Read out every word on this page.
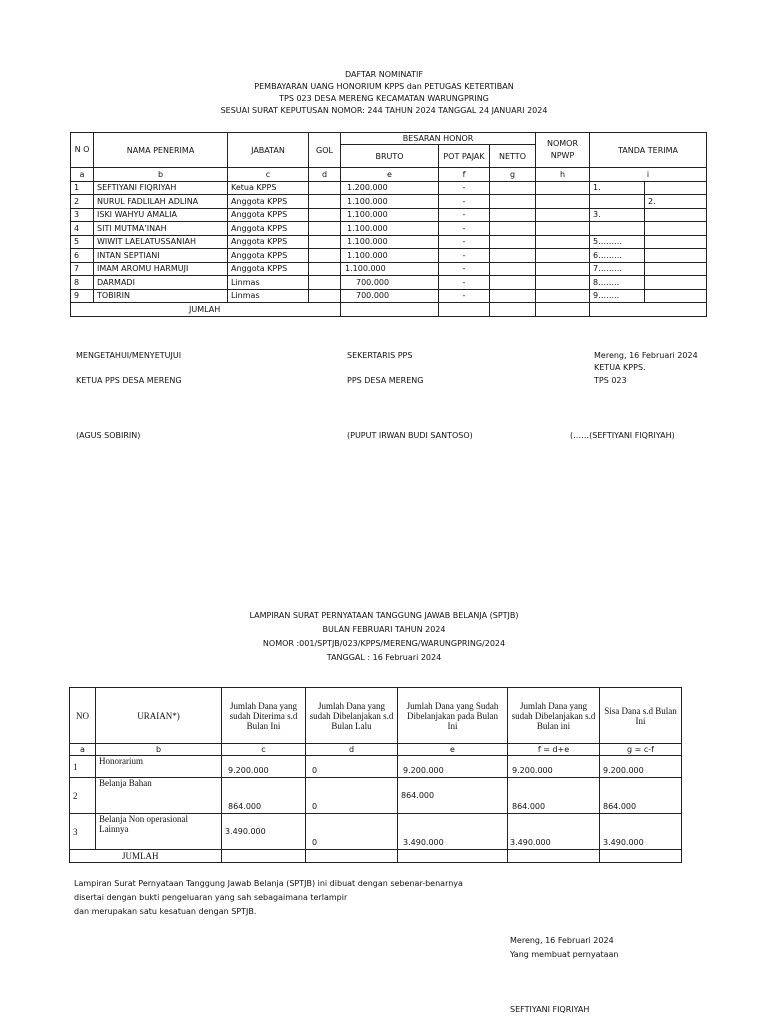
DAFTAR NOMINATIF
PEMBAYARAN UANG HONORIUM KPPS dan PETUGAS KETERTIBAN
TPS 023 DESA MERENG KECAMATAN WARUNGPRING
SESUAI SURAT KEPUTUSAN NOMOR: 244 TAHUN 2024 TANGGAL 24 JANUARI 2024
N O	NAMA PENERIMA	JABATAN	GOL	BESARAN HONOR			NOMOR NPWP	TANDA TERIMA	
				BRUTO	POT PAJAK	NETTO			
a	b	c	d	e	f	g	h	i	
1	SEFTIYANI FIQRIYAH	Ketua KPPS		1.200.000	-			1.	
2	NURUL FADLILAH ADLINA	Anggota KPPS		1.100.000	-				2.
3	ISKI WAHYU AMALIA	Anggota KPPS		1.100.000	-			3.	
4	SITI MUTMA’INAH	Anggota KPPS		1.100.000	-				
5	WIWIT LAELATUSSANIAH	Anggota KPPS		1.100.000	-			5………	
6	INTAN SEPTIANI	Anggota KPPS		1.100.000	-			6………	
7	IMAM AROMU HARMUJI	Anggota KPPS		1.100.000	-			7………	
8	DARMADI	Linmas		700.000	-			8……..	
9	TOBIRIN	Linmas		700.000	-			9……..	
JUMLAH									
MENGETAHUI/MENYETUJUI
KETUA PPS DESA MERENG
(AGUS SOBIRIN)
SEKERTARIS PPS
PPS DESA MERENG
(PUPUT IRWAN BUDI SANTOSO)
Mereng, 16 Februari 2024
KETUA KPPS.
TPS 023
(……(SEFTIYANI FIQRIYAH)
LAMPIRAN SURAT PERNYATAAN TANGGUNG JAWAB BELANJA (SPTJB)
BULAN FEBRUARI TAHUN 2024
NOMOR :001/SPTJB/023/KPPS/MERENG/WARUNGPRING/2024
TANGGAL : 16 Februari 2024
NO	URAIAN*)	Jumlah Dana yang sudah Diterima s.d Bulan Ini	Jumlah Dana yang sudah Dibelanjakan s.d Bulan Lalu	Jumlah Dana yang Sudah Dibelanjakan pada Bulan Ini	Jumlah Dana yang sudah Dibelanjakan s.d Bulan ini	Sisa Dana s.d Bulan Ini
a	b	c	d	e	f = d+e	g = c-f
1	Honorarium	9.200.000	0	9.200.000	9.200.000	9.200.000
2	Belanja Bahan	864.000	0	864.000	864.000	864.000
3	Belanja Non operasional Lainnya	3.490.000	0	3.490.000	3.490.000	3.490.000
JUMLAH						
Lampiran Surat Pernyataan Tanggung Jawab Belanja (SPTJB) ini dibuat dengan sebenar-benarnya
disertai dengan bukti pengeluaran yang sah sebagaimana terlampir
dan merupakan satu kesatuan dengan SPTJB.
Mereng, 16 Februari 2024
Yang membuat pernyataan
SEFTIYANI FIQRIYAH
